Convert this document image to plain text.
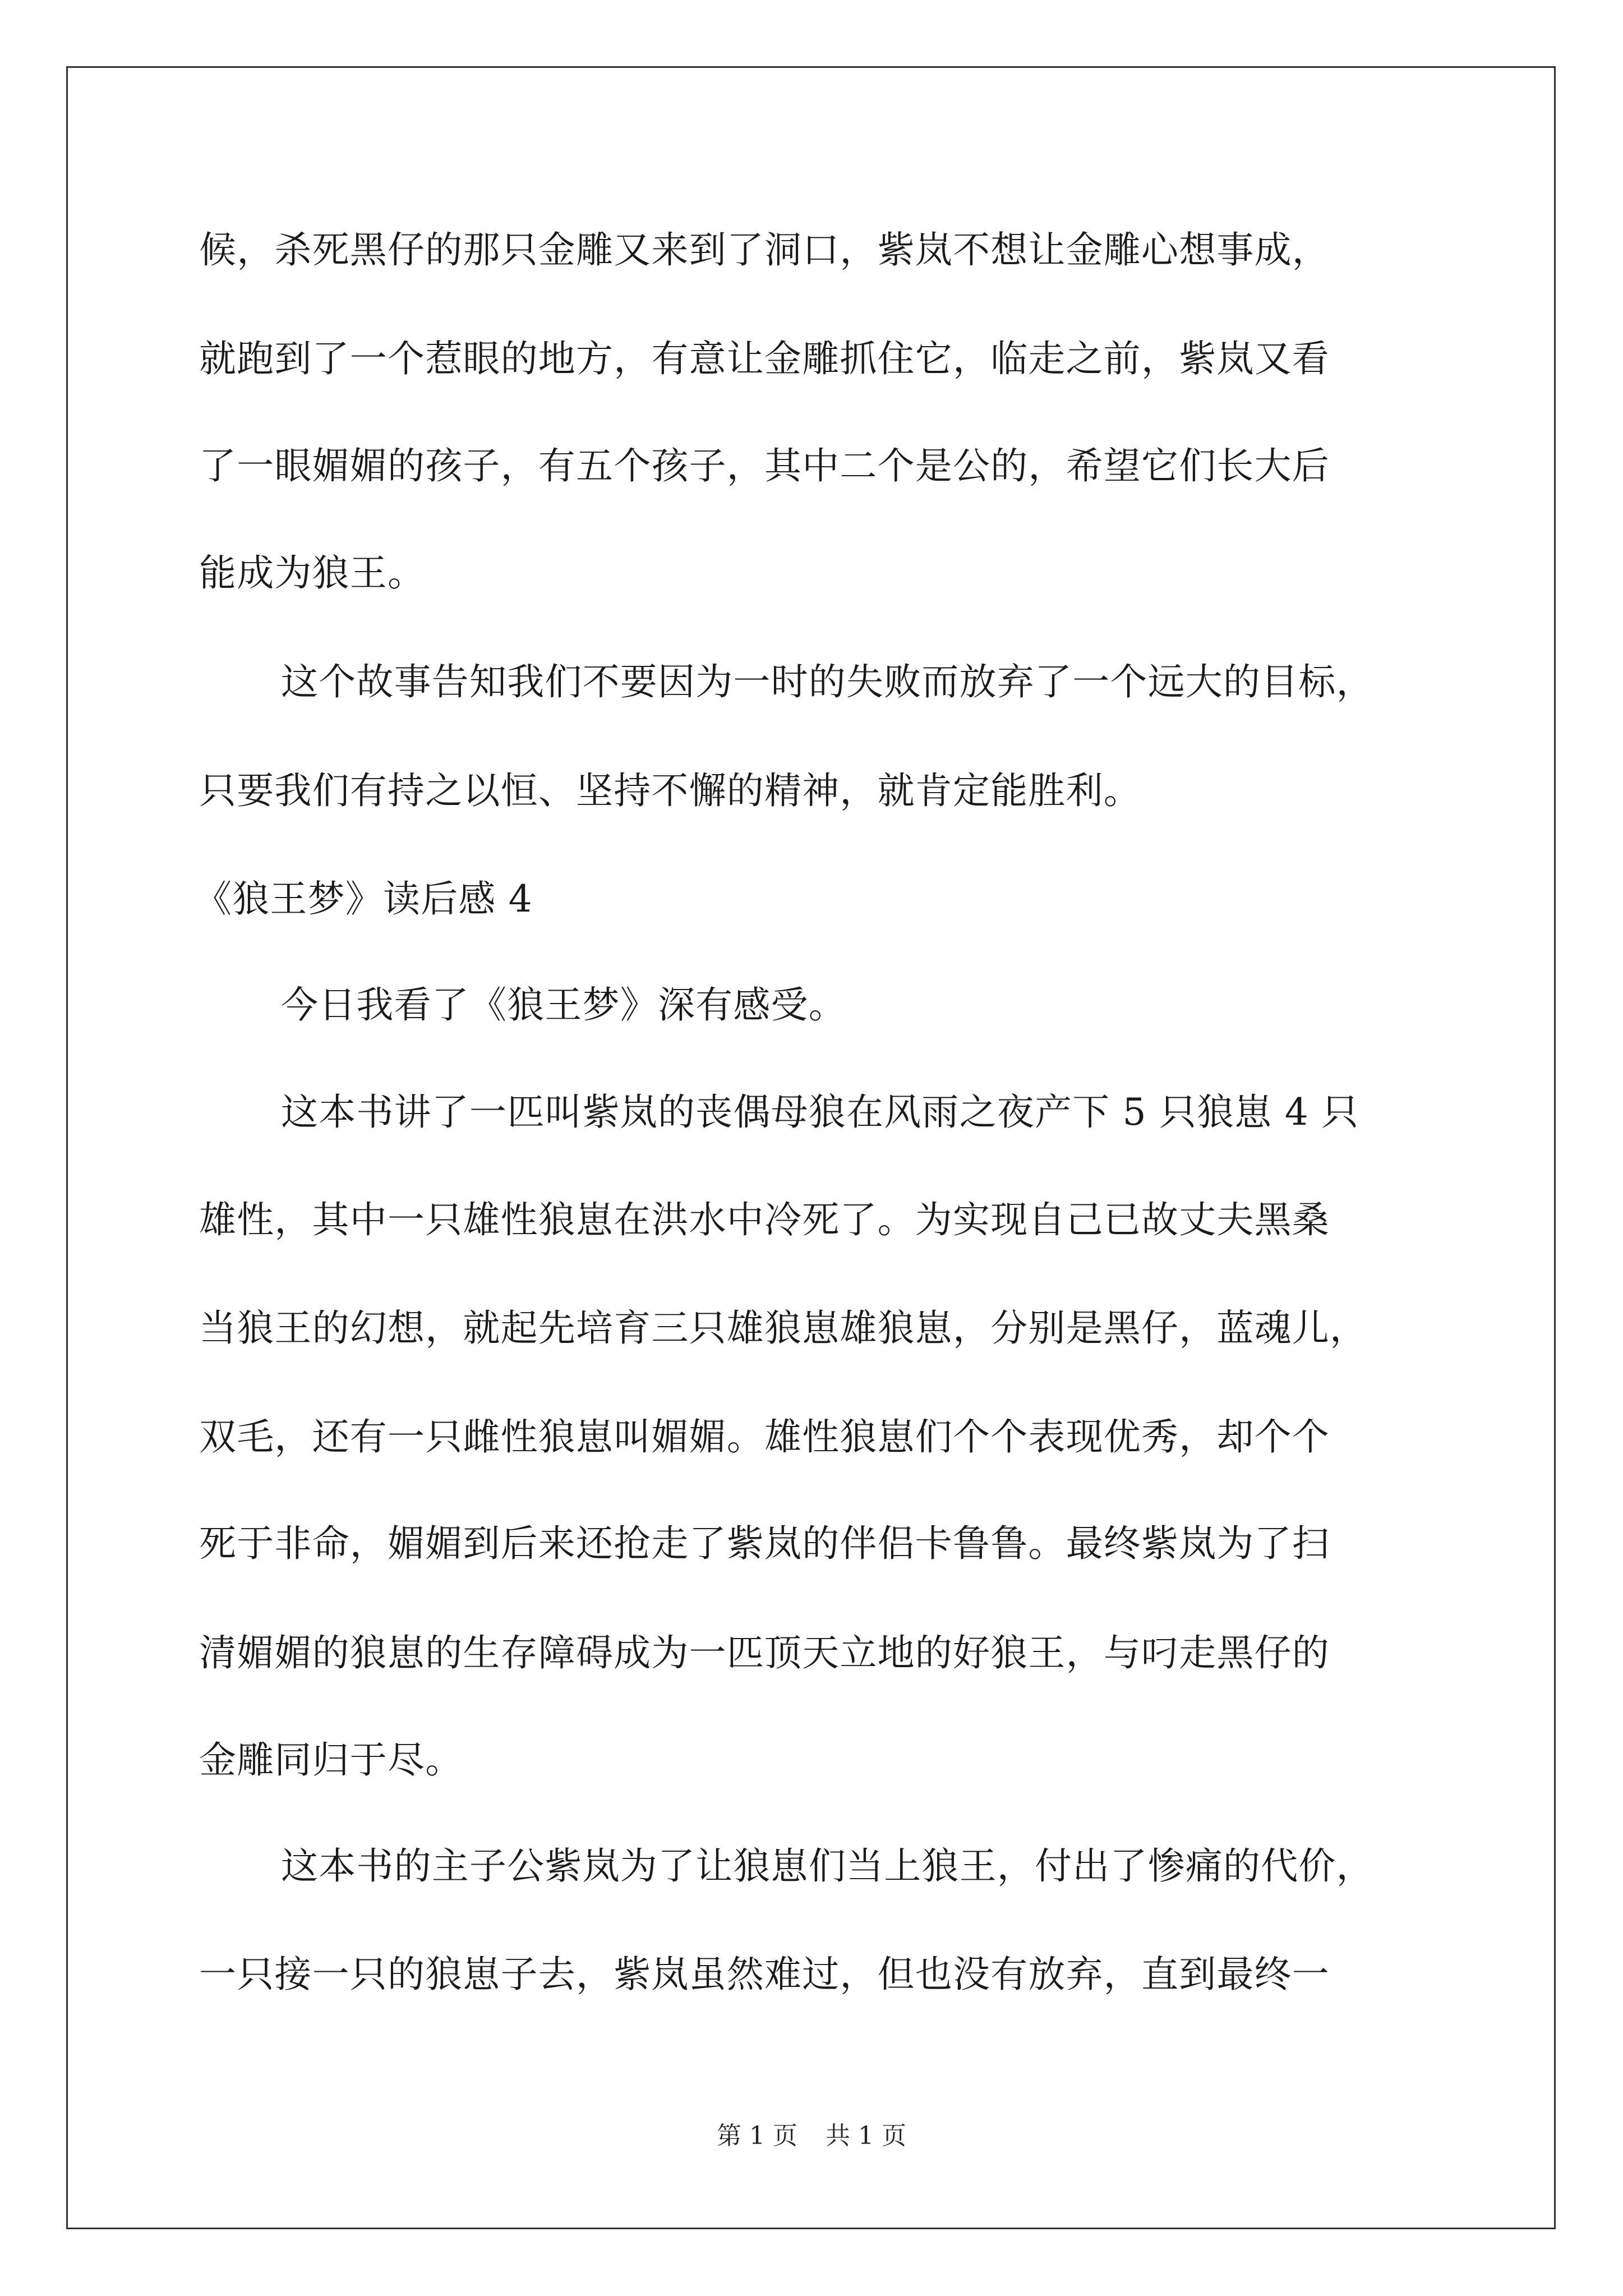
候，杀死黑仔的那只金雕又来到了洞口，紫岚不想让金雕心想事成，
就跑到了一个惹眼的地方，有意让金雕抓住它，临走之前，紫岚又看
了一眼媚媚的孩子，有五个孩子，其中二个是公的，希望它们长大后
能成为狼王。
这个故事告知我们不要因为一时的失败而放弃了一个远大的目标，
只要我们有持之以恒、坚持不懈的精神，就肯定能胜利。
《狼王梦》读后感 4
今日我看了《狼王梦》深有感受。
这本书讲了一匹叫紫岚的丧偶母狼在风雨之夜产下 5 只狼崽 4 只
雄性，其中一只雄性狼崽在洪水中冷死了。为实现自己已故丈夫黑桑
当狼王的幻想，就起先培育三只雄狼崽雄狼崽，分别是黑仔，蓝魂儿，
双毛，还有一只雌性狼崽叫媚媚。雄性狼崽们个个表现优秀，却个个
死于非命，媚媚到后来还抢走了紫岚的伴侣卡鲁鲁。最终紫岚为了扫
清媚媚的狼崽的生存障碍成为一匹顶天立地的好狼王，与叼走黑仔的
金雕同归于尽。
这本书的主子公紫岚为了让狼崽们当上狼王，付出了惨痛的代价，
一只接一只的狼崽子去，紫岚虽然难过，但也没有放弃，直到最终一
第 1 页 共 1 页
